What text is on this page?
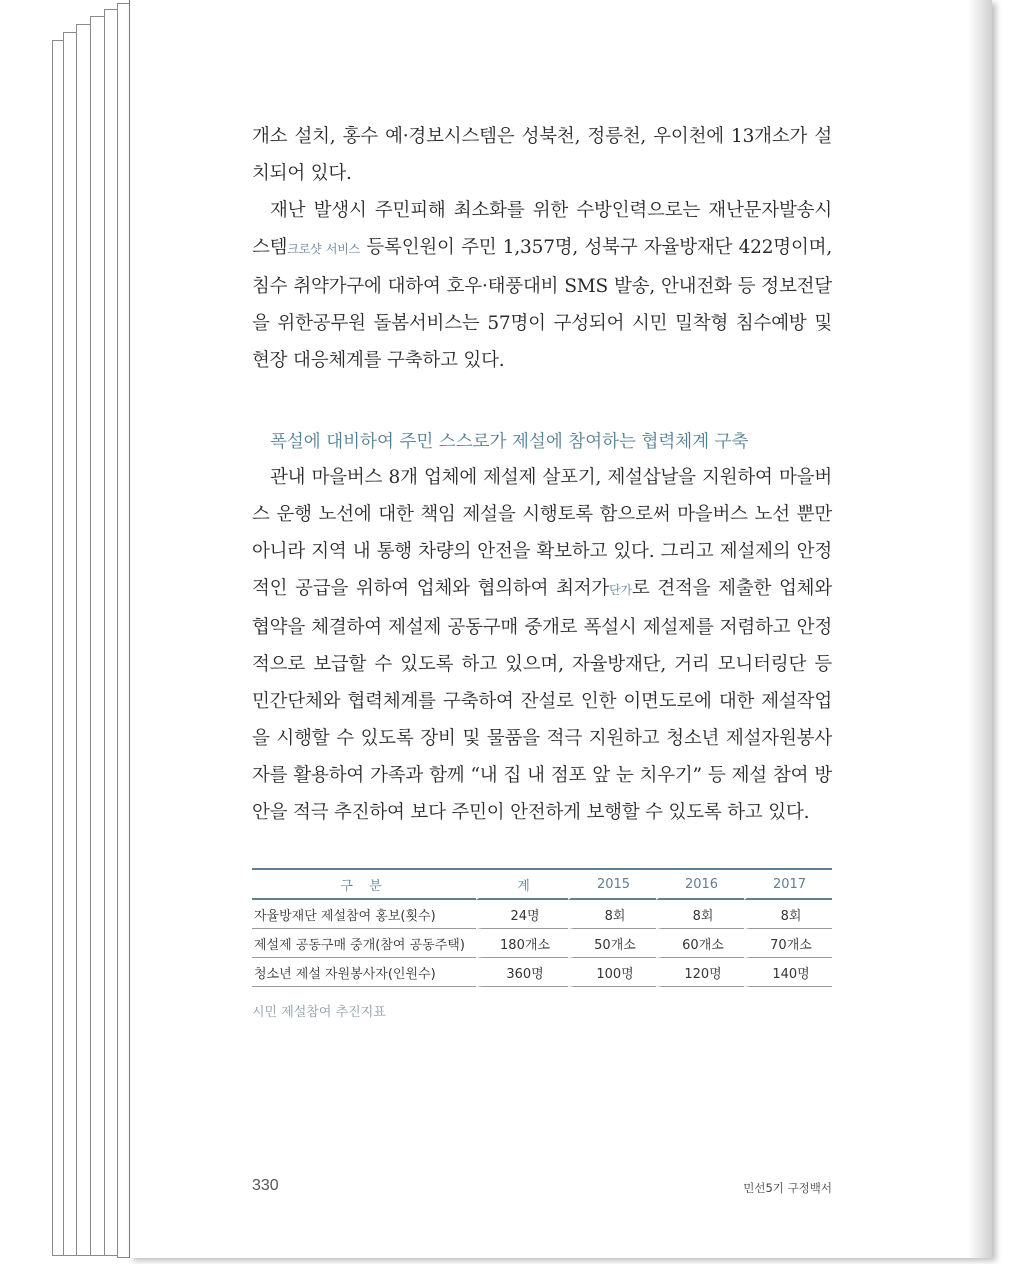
개소 설치, 홍수 예·경보시스템은 성북천, 정릉천, 우이천에 13개소가 설치되어 있다.

재난 발생시 주민피해 최소화를 위한 수방인력으로는 재난문자발송시스템크로샷 서비스 등록인원이 주민 1,357명, 성북구 자율방재단 422명이며, 침수 취약가구에 대하여 호우·태풍대비 SMS 발송, 안내전화 등 정보전달을 위한공무원 돌봄서비스는 57명이 구성되어 시민 밀착형 침수예방 및 현장 대응체계를 구축하고 있다.

폭설에 대비하여 주민 스스로가 제설에 참여하는 협력체계 구축

관내 마을버스 8개 업체에 제설제 살포기, 제설삽날을 지원하여 마을버스 운행 노선에 대한 책임 제설을 시행토록 함으로써 마을버스 노선 뿐만 아니라 지역 내 통행 차량의 안전을 확보하고 있다. 그리고 제설제의 안정적인 공급을 위하여 업체와 협의하여 최저가단가로 견적을 제출한 업체와 협약을 체결하여 제설제 공동구매 중개로 폭설시 제설제를 저렴하고 안정적으로 보급할 수 있도록 하고 있으며, 자율방재단, 거리 모니터링단 등 민간단체와 협력체계를 구축하여 잔설로 인한 이면도로에 대한 제설작업을 시행할 수 있도록 장비 및 물품을 적극 지원하고 청소년 제설자원봉사자를 활용하여 가족과 함께 “내 집 내 점포 앞 눈 치우기” 등 제설 참여 방안을 적극 추진하여 보다 주민이 안전하게 보행할 수 있도록 하고 있다.

구 분	계	2015	2016	2017
자율방재단 제설참여 홍보(횟수)	24명	8회	8회	8회
제설제 공동구매 중개(참여 공동주택)	180개소	50개소	60개소	70개소
청소년 제설 자원봉사자(인원수)	360명	100명	120명	140명
시민 제설참여 추진지표
330	민선5기 구정백서
